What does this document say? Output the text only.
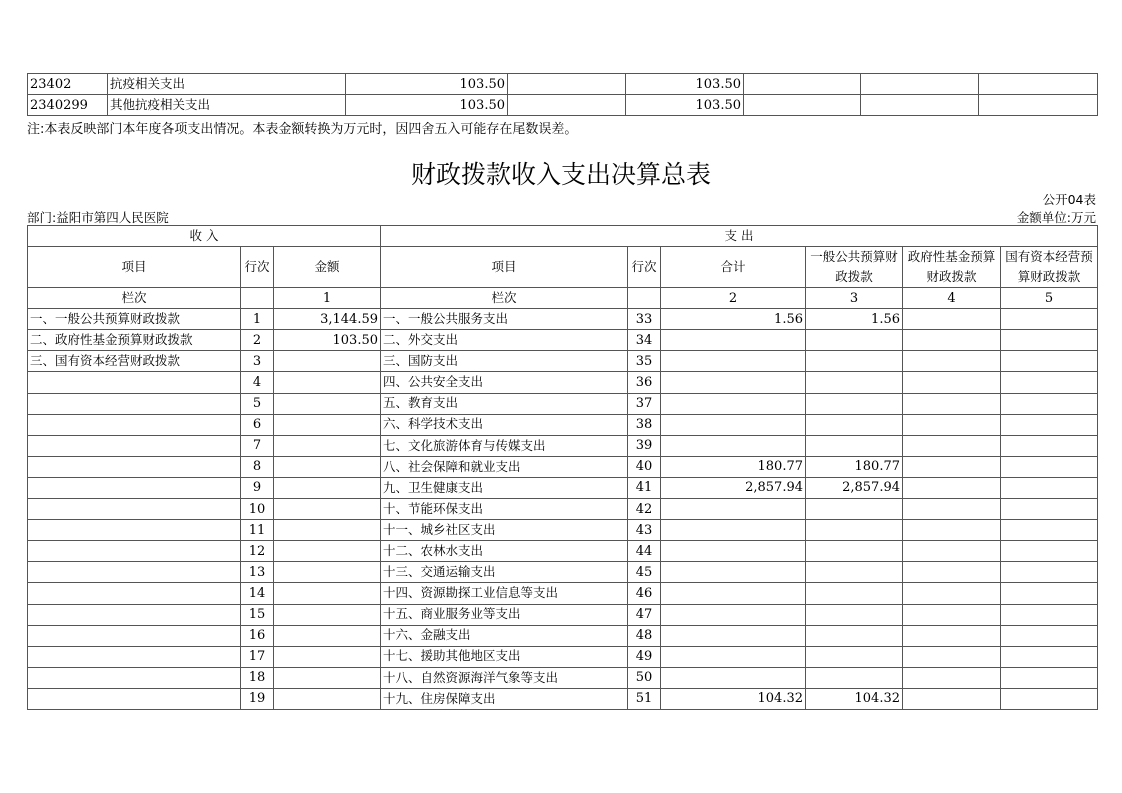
23402	抗疫相关支出	103.50		103.50			
2340299	其他抗疫相关支出	103.50		103.50			
注:本表反映部门本年度各项支出情况。本表金额转换为万元时，因四舍五入可能存在尾数误差。
财政拨款收入支出决算总表
公开04表
部门:益阳市第四人民医院	金额单位:万元
收 入			支 出					
项目	行次	金额	项目	行次	合计	一般公共预算财政拨款	政府性基金预算财政拨款	国有资本经营预算财政拨款
栏次		1	栏次		2	3	4	5
一、一般公共预算财政拨款	1	3,144.59	一、一般公共服务支出	33	1.56	1.56		
二、政府性基金预算财政拨款	2	103.50	二、外交支出	34				
三、国有资本经营财政拨款	3		三、国防支出	35				
	4		四、公共安全支出	36				
	5		五、教育支出	37				
	6		六、科学技术支出	38				
	7		七、文化旅游体育与传媒支出	39				
	8		八、社会保障和就业支出	40	180.77	180.77		
	9		九、卫生健康支出	41	2,857.94	2,857.94		
	10		十、节能环保支出	42				
	11		十一、城乡社区支出	43				
	12		十二、农林水支出	44				
	13		十三、交通运输支出	45				
	14		十四、资源勘探工业信息等支出	46				
	15		十五、商业服务业等支出	47				
	16		十六、金融支出	48				
	17		十七、援助其他地区支出	49				
	18		十八、自然资源海洋气象等支出	50				
	19		十九、住房保障支出	51	104.32	104.32		
